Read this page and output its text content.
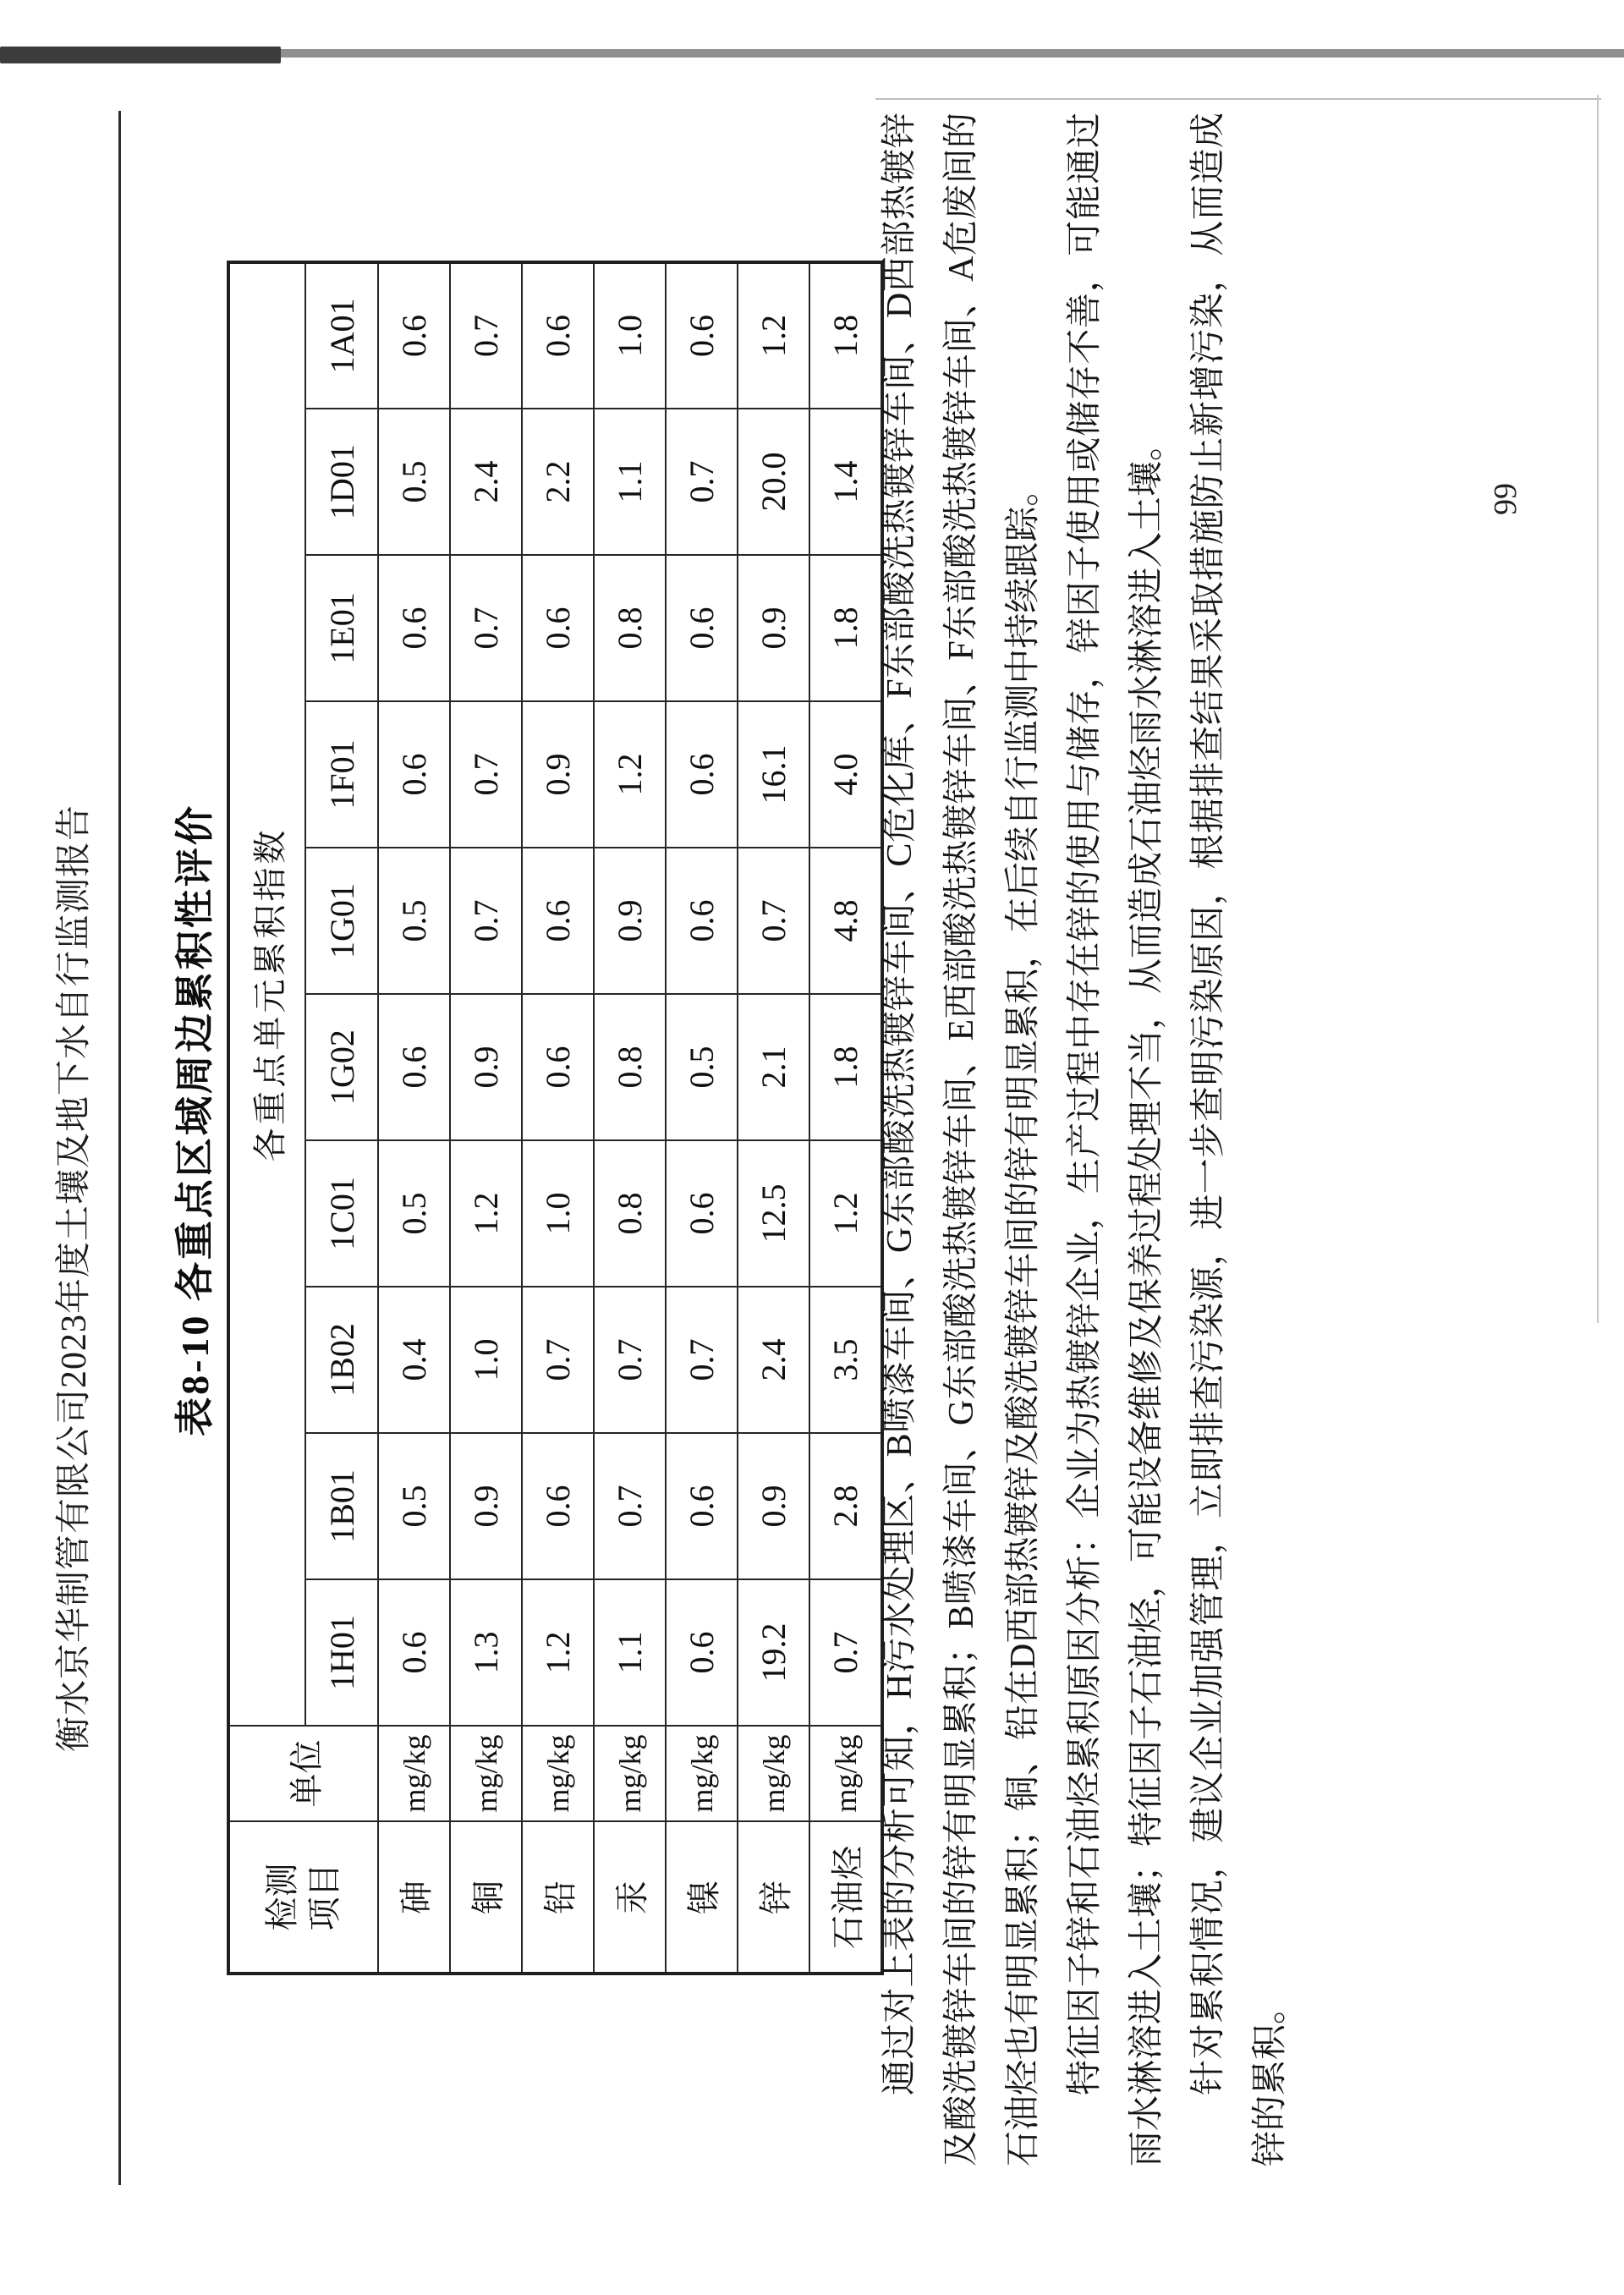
衡水京华制管有限公司2023年度土壤及地下水自行监测报告 表8-10 各重点区域周边累积性评价
检测 项目	单位	各重点单元累积指数									
		1H01	1B01	1B02	1C01	1G02	1G01	1F01	1E01	1D01	1A01
砷	mg/kg	0.6	0.5	0.4	0.5	0.6	0.5	0.6	0.6	0.5	0.6
铜	mg/kg	1.3	0.9	1.0	1.2	0.9	0.7	0.7	0.7	2.4	0.7
铅	mg/kg	1.2	0.6	0.7	1.0	0.6	0.6	0.9	0.6	2.2	0.6
汞	mg/kg	1.1	0.7	0.7	0.8	0.8	0.9	1.2	0.8	1.1	1.0
镍	mg/kg	0.6	0.6	0.7	0.6	0.5	0.6	0.6	0.6	0.7	0.6
锌	mg/kg	19.2	0.9	2.4	12.5	2.1	0.7	16.1	0.9	20.0	1.2
石油烃	mg/kg	0.7	2.8	3.5	1.2	1.8	4.8	4.0	1.8	1.4	1.8 通过对上表的分析可知，H污水处理区、B喷漆车间、G东部酸洗热镀锌车间、C危化库、F东部酸洗热镀锌车间、D西部热镀锌及酸洗镀锌车间的锌有明显累积；B喷漆车间、G东部酸洗热镀锌车间、E西部酸洗热镀锌车间、F东部酸洗热镀锌车间、A危废间的石油烃也有明显累积；铜、铅在D西部热镀锌及酸洗镀锌车间的锌有明显累积，在后续自行监测中持续跟踪。 特征因子锌和石油烃累积原因分析：企业为热镀锌企业，生产过程中存在锌的使用与储存，锌因子使用或储存不善，可能通过雨水淋溶进入土壤；特征因子石油烃，可能设备维修及保养过程处理不当，从而造成石油烃雨水淋溶进入土壤。 针对累积情况，建议企业加强管理，立即排查污染源，进一步查明污染原因，根据排查结果采取措施防止新增污染，从而造成锌的累积。

99
